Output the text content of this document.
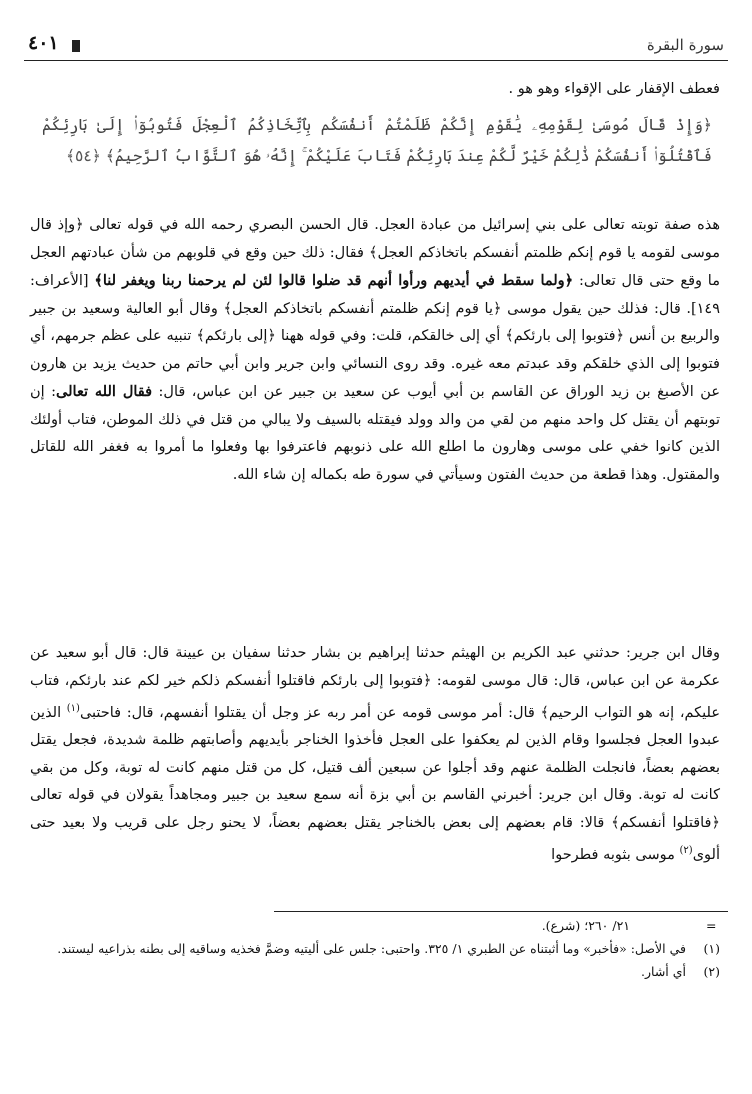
سورة البقرة
٤٠١
فعطف الإقفار على الإقواء وهو هو .
﴿وَإِذْ قَالَ مُوسَىٰ لِقَوْمِهِۦ يَٰقَوْمِ إِنَّكُمْ ظَلَمْتُمْ أَنفُسَكُم بِٱتِّخَاذِكُمُ ٱلْعِجْلَ فَتُوبُوٓا۟ إِلَىٰ بَارِئِكُمْ فَٱقْتُلُوٓا۟ أَنفُسَكُمْ ذَٰلِكُمْ خَيْرٌ لَّكُمْ عِندَ بَارِئِكُمْ فَتَابَ عَلَيْكُمْ ۚ إِنَّهُۥ هُوَ ٱلتَّوَّابُ ٱلرَّحِيمُ﴾ ﴿٥٤﴾
هذه صفة توبته تعالى على بني إسرائيل من عبادة العجل. قال الحسن البصري رحمه الله في قوله تعالى ﴿وإذ قال موسى لقومه يا قوم إنكم ظلمتم أنفسكم باتخاذكم العجل﴾ فقال: ذلك حين وقع في قلوبهم من شأن عبادتهم العجل ما وقع حتى قال تعالى: ﴿ولما سقط في أيديهم ورأوا أنهم قد ضلوا قالوا لئن لم يرحمنا ربنا ويغفر لنا﴾ [الأعراف: ١٤٩]. قال: فذلك حين يقول موسى ﴿يا قوم إنكم ظلمتم أنفسكم باتخاذكم العجل﴾ وقال أبو العالية وسعيد بن جبير والربيع بن أنس ﴿فتوبوا إلى بارئكم﴾ أي إلى خالقكم، قلت: وفي قوله ههنا ﴿إلى بارئكم﴾ تنبيه على عظم جرمهم، أي فتوبوا إلى الذي خلقكم وقد عبدتم معه غيره. وقد روى النسائي وابن جرير وابن أبي حاتم من حديث يزيد بن هارون عن الأصبغ بن زيد الوراق عن القاسم بن أبي أيوب عن سعيد بن جبير عن ابن عباس، قال: فقال الله تعالى: إن توبتهم أن يقتل كل واحد منهم من لقي من والد وولد فيقتله بالسيف ولا يبالي من قتل في ذلك الموطن، فتاب أولئك الذين كانوا خفي على موسى وهارون ما اطلع الله على ذنوبهم فاعترفوا بها وفعلوا ما أمروا به فغفر الله للقاتل والمقتول. وهذا قطعة من حديث الفتون وسيأتي في سورة طه بكماله إن شاء الله.
وقال ابن جرير: حدثني عبد الكريم بن الهيثم حدثنا إبراهيم بن بشار حدثنا سفيان بن عيينة قال: قال أبو سعيد عن عكرمة عن ابن عباس، قال: قال موسى لقومه: ﴿فتوبوا إلى بارئكم فاقتلوا أنفسكم ذلكم خير لكم عند بارئكم، فتاب عليكم، إنه هو التواب الرحيم﴾ قال: أمر موسى قومه عن أمر ربه عز وجل أن يقتلوا أنفسهم، قال: فاحتبى$^{(١)}$ الذين عبدوا العجل فجلسوا وقام الذين لم يعكفوا على العجل فأخذوا الخناجر بأيديهم وأصابتهم ظلمة شديدة، فجعل يقتل بعضهم بعضاً، فانجلت الظلمة عنهم وقد أجلوا عن سبعين ألف قتيل، كل من قتل منهم كانت له توبة، وكل من بقي كانت له توبة. وقال ابن جرير: أخبرني القاسم بن أبي بزة أنه سمع سعيد بن جبير ومجاهداً يقولان في قوله تعالى ﴿فاقتلوا أنفسكم﴾ قالا: قام بعضهم إلى بعض بالخناجر يقتل بعضهم بعضاً، لا يحنو رجل على قريب ولا بعيد حتى ألوى$^{(٢)}$ موسى بثوبه فطرحوا
٢١/ ٢٦٠؛ (شرع).	=
(١)
في الأصل: «فأخبر» وما أثبتناه عن الطبري ١/ ٣٢٥. واحتبى: جلس على أليتيه وضمَّ فخذيه وساقيه إلى بطنه بذراعيه ليستند.
(٢)
أي أشار.
